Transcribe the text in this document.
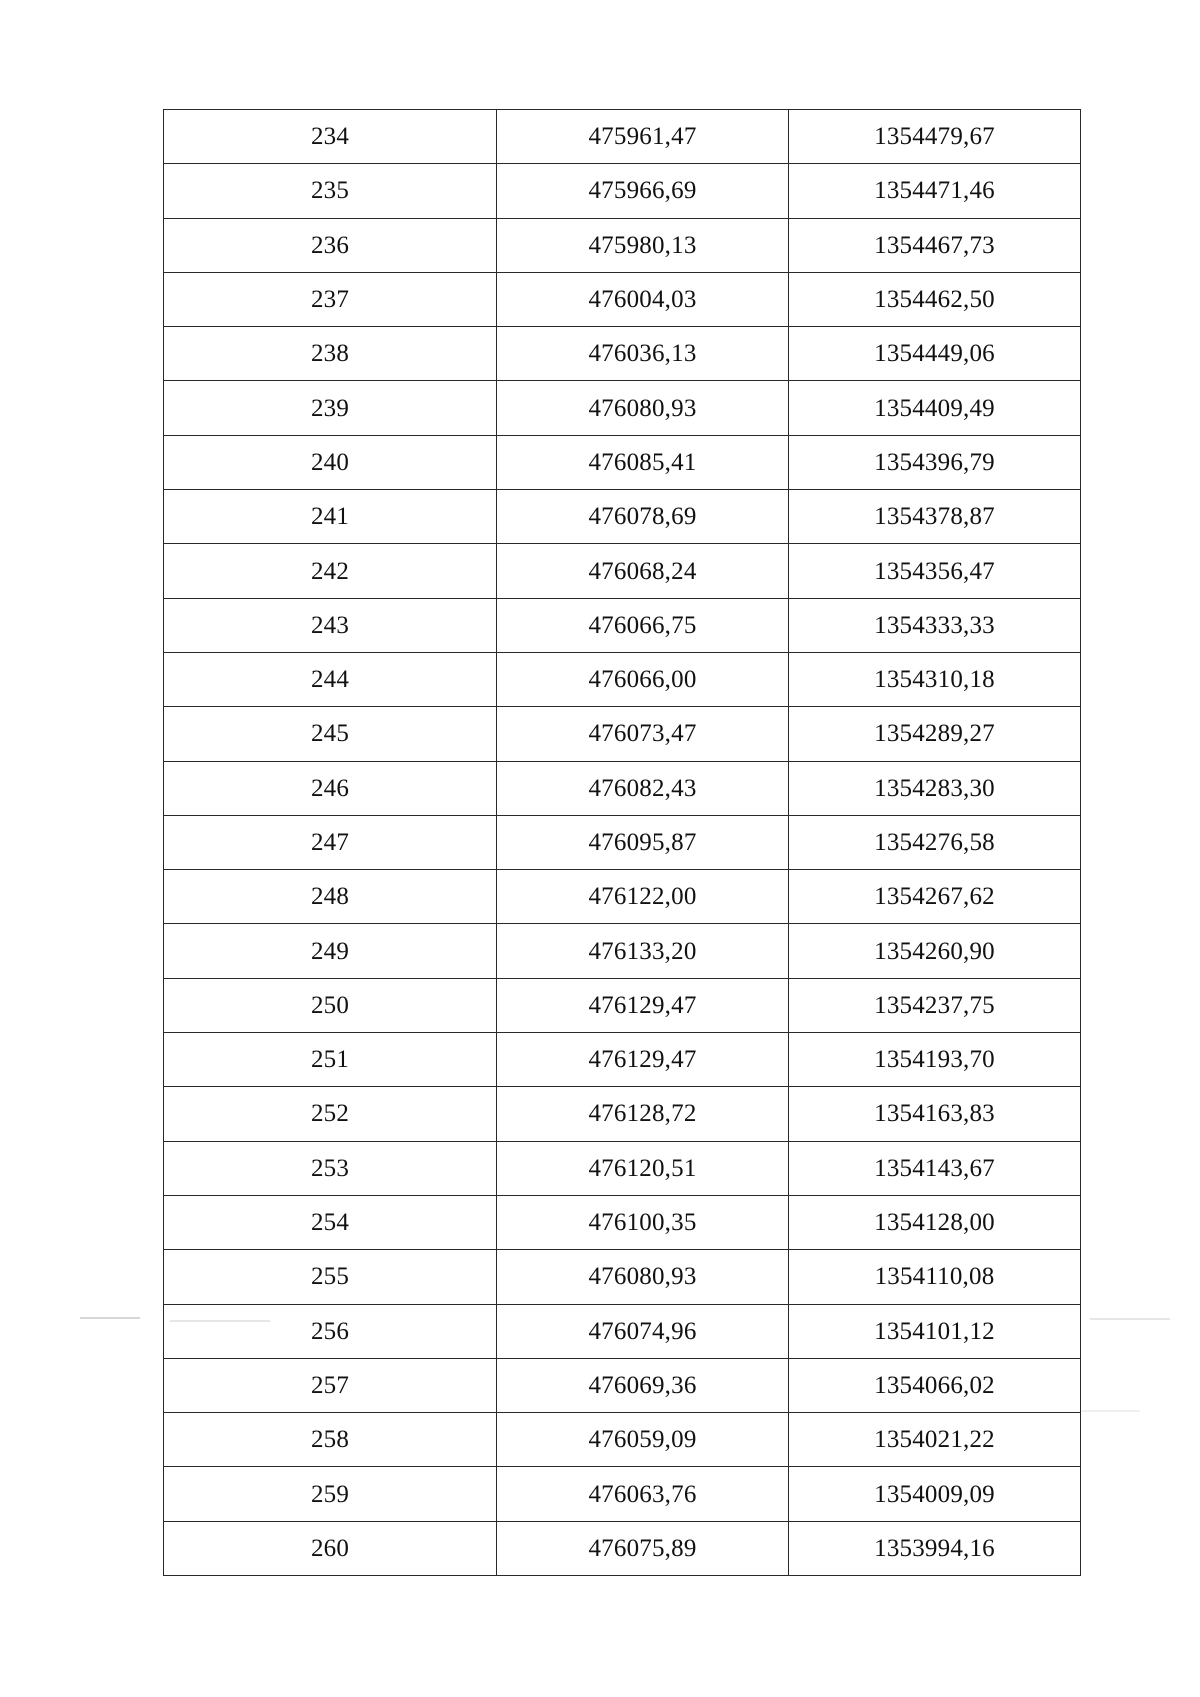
234	475961,47	1354479,67
235	475966,69	1354471,46
236	475980,13	1354467,73
237	476004,03	1354462,50
238	476036,13	1354449,06
239	476080,93	1354409,49
240	476085,41	1354396,79
241	476078,69	1354378,87
242	476068,24	1354356,47
243	476066,75	1354333,33
244	476066,00	1354310,18
245	476073,47	1354289,27
246	476082,43	1354283,30
247	476095,87	1354276,58
248	476122,00	1354267,62
249	476133,20	1354260,90
250	476129,47	1354237,75
251	476129,47	1354193,70
252	476128,72	1354163,83
253	476120,51	1354143,67
254	476100,35	1354128,00
255	476080,93	1354110,08
256	476074,96	1354101,12
257	476069,36	1354066,02
258	476059,09	1354021,22
259	476063,76	1354009,09
260	476075,89	1353994,16
